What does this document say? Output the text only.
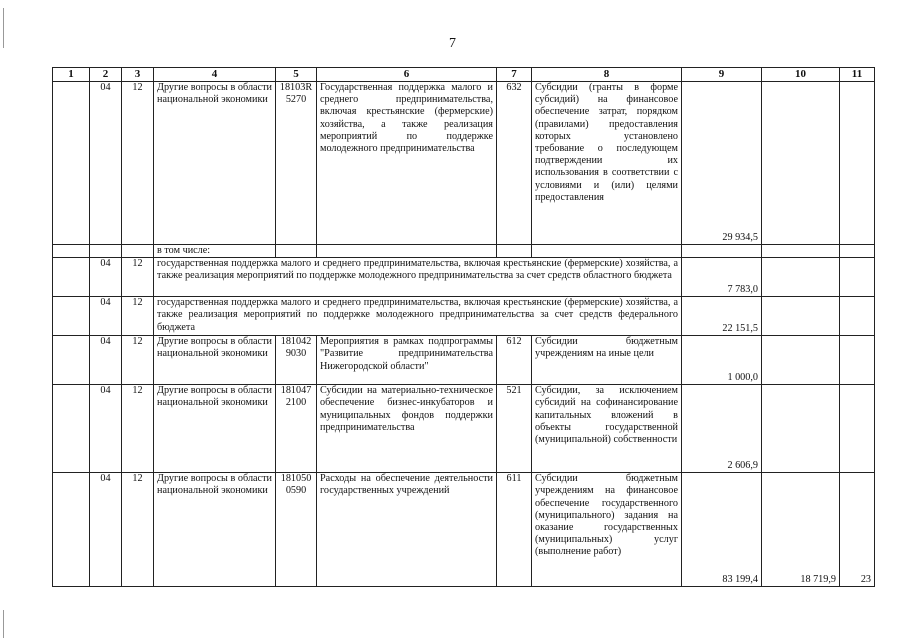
7
1	2	3	4	5	6	7	8	9	10	11
	04	12	Другие вопросы в области национальной экономики	18103R 5270	Государственная поддержка малого и среднего предпринимательства, включая крестьянские (фермерские) хозяйства, а также реализация мероприятий по поддержке молодежного предпринимательства	632	Субсидии (гранты в форме субсидий) на финансовое обеспечение затрат, порядком (правилами) предоставления которых установлено требование о последующем подтверждении их использования в соответствии с условиями и (или) целями предоставления	29 934,5		
			в том числе:							
	04	12	государственная поддержка малого и среднего предпринимательства, включая крестьянские (фермерские) хозяйства, а также реализация мероприятий по поддержке молодежного предпринимательства за счет средств областного бюджета					7 783,0		
	04	12	государственная поддержка малого и среднего предпринимательства, включая крестьянские (фермерские) хозяйства, а также реализация мероприятий по поддержке молодежного предпринимательства за счет средств федерального бюджета					22 151,5		
	04	12	Другие вопросы в области национальной экономики	181042 9030	Мероприятия в рамках подпрограммы "Развитие предпринимательства Нижегородской области"	612	Субсидии бюджетным учреждениям на иные цели	1 000,0		
	04	12	Другие вопросы в области национальной экономики	181047 2100	Субсидии на материально-техническое обеспечение бизнес-инкубаторов и муниципальных фондов поддержки предпринимательства	521	Субсидии, за исключением субсидий на софинансирование капитальных вложений в объекты государственной (муниципальной) собственности	2 606,9		
	04	12	Другие вопросы в области национальной экономики	181050 0590	Расходы на обеспечение деятельности государственных учреждений	611	Субсидии бюджетным учреждениям на финансовое обеспечение государственного (муниципального) задания на оказание государственных (муниципальных) услуг (выполнение работ)	83 199,4	18 719,9	23
